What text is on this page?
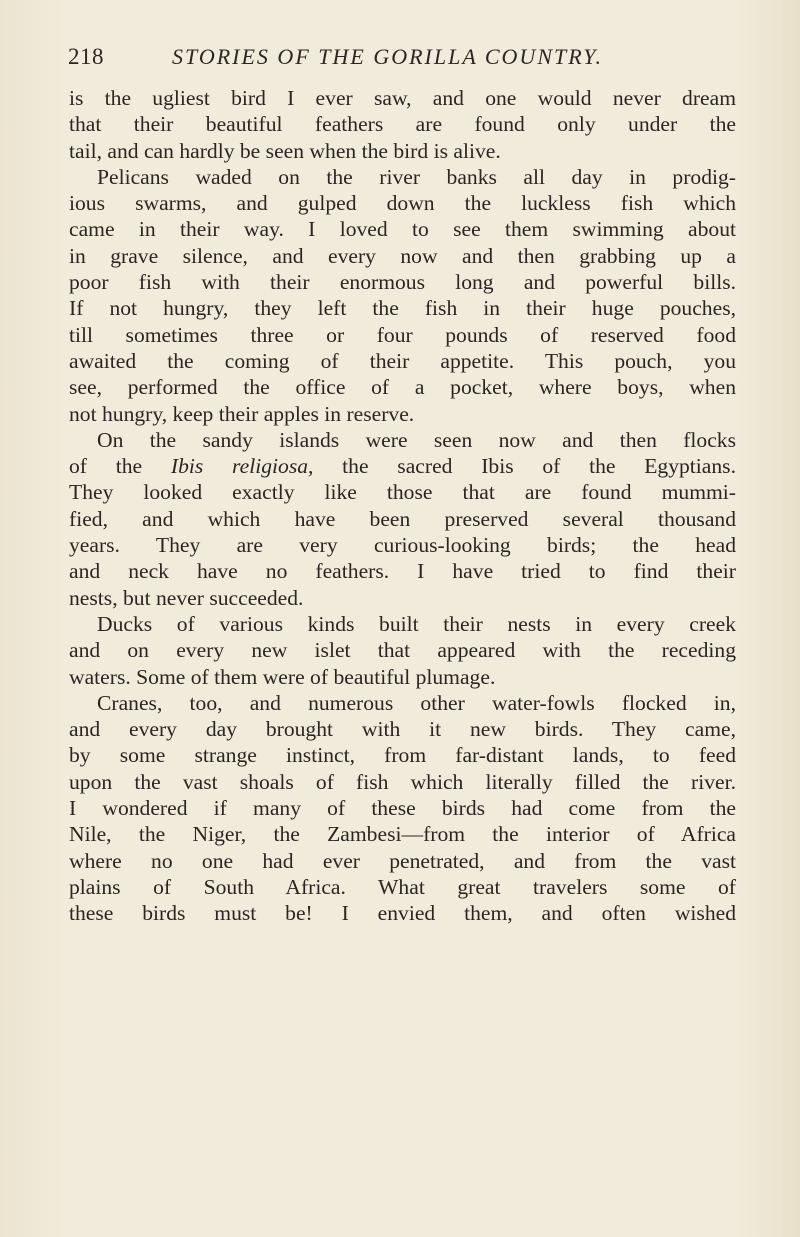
218	STORIES OF THE GORILLA COUNTRY.
is the ugliest bird I ever saw, and one would never dream
that their beautiful feathers are found only under the
tail, and can hardly be seen when the bird is alive.
Pelicans waded on the river banks all day in prodig-
ious swarms, and gulped down the luckless fish which
came in their way. I loved to see them swimming about
in grave silence, and every now and then grabbing up a
poor fish with their enormous long and powerful bills.
If not hungry, they left the fish in their huge pouches,
till sometimes three or four pounds of reserved food
awaited the coming of their appetite. This pouch, you
see, performed the office of a pocket, where boys, when
not hungry, keep their apples in reserve.
On the sandy islands were seen now and then flocks
of the Ibis religiosa, the sacred Ibis of the Egyptians.
They looked exactly like those that are found mummi-
fied, and which have been preserved several thousand
years. They are very curious-looking birds; the head
and neck have no feathers. I have tried to find their
nests, but never succeeded.
Ducks of various kinds built their nests in every creek
and on every new islet that appeared with the receding
waters. Some of them were of beautiful plumage.
Cranes, too, and numerous other water-fowls flocked in,
and every day brought with it new birds. They came,
by some strange instinct, from far-distant lands, to feed
upon the vast shoals of fish which literally filled the river.
I wondered if many of these birds had come from the
Nile, the Niger, the Zambesi—from the interior of Africa
where no one had ever penetrated, and from the vast
plains of South Africa. What great travelers some of
these birds must be! I envied them, and often wished
